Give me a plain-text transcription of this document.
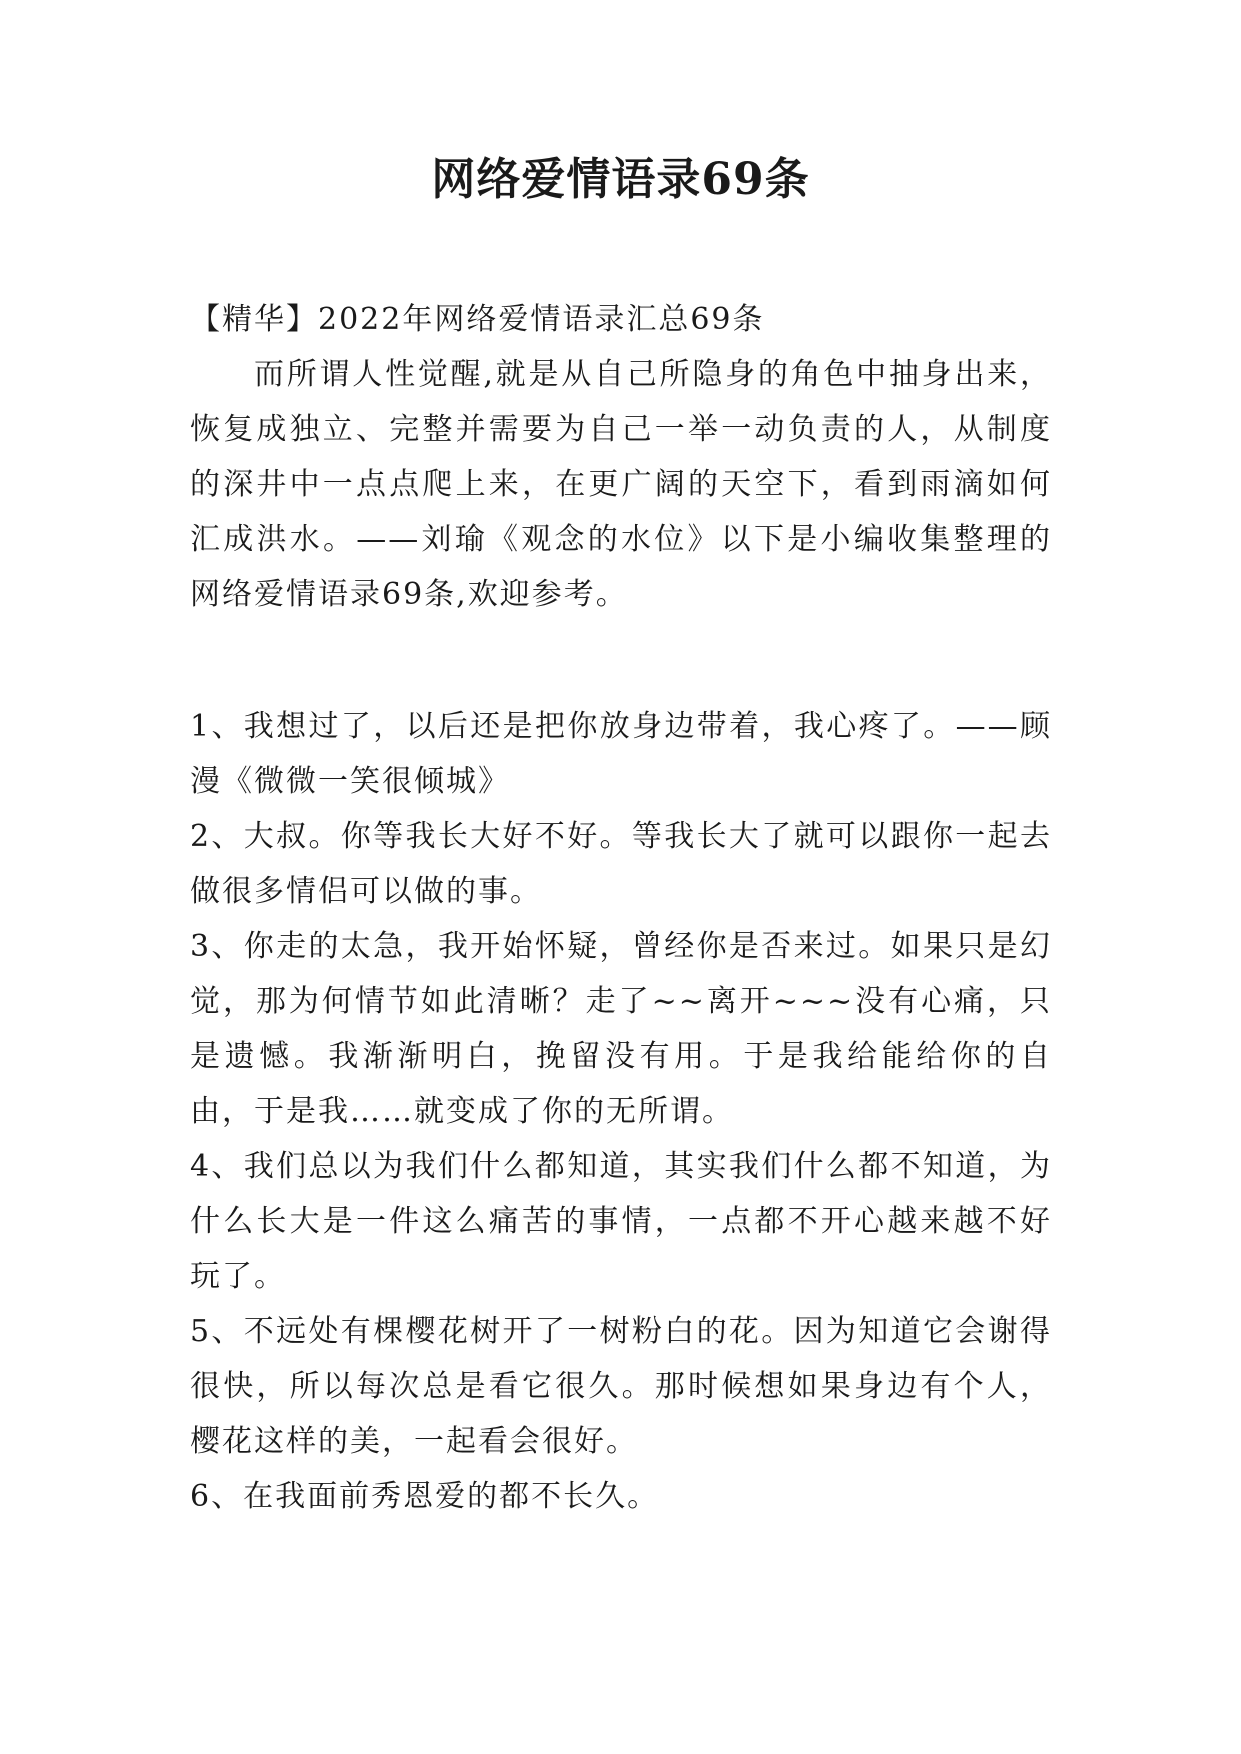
网络爱情语录69条

【精华】2022年网络爱情语录汇总69条

而所谓人性觉醒,就是从自己所隐身的角色中抽身出来，恢复成独立、完整并需要为自己一举一动负责的人，从制度的深井中一点点爬上来，在更广阔的天空下，看到雨滴如何汇成洪水。——刘瑜《观念的水位》以下是小编收集整理的网络爱情语录69条,欢迎参考。

1、我想过了，以后还是把你放身边带着，我心疼了。——顾漫《微微一笑很倾城》

2、大叔。你等我长大好不好。等我长大了就可以跟你一起去做很多情侣可以做的事。

3、你走的太急，我开始怀疑，曾经你是否来过。如果只是幻觉，那为何情节如此清晰？走了~~离开~~~没有心痛，只是遗憾。我渐渐明白，挽留没有用。于是我给能给你的自由，于是我……就变成了你的无所谓。

4、我们总以为我们什么都知道，其实我们什么都不知道，为什么长大是一件这么痛苦的事情，一点都不开心越来越不好玩了。

5、不远处有棵樱花树开了一树粉白的花。因为知道它会谢得很快，所以每次总是看它很久。那时候想如果身边有个人，樱花这样的美，一起看会很好。

6、在我面前秀恩爱的都不长久。
